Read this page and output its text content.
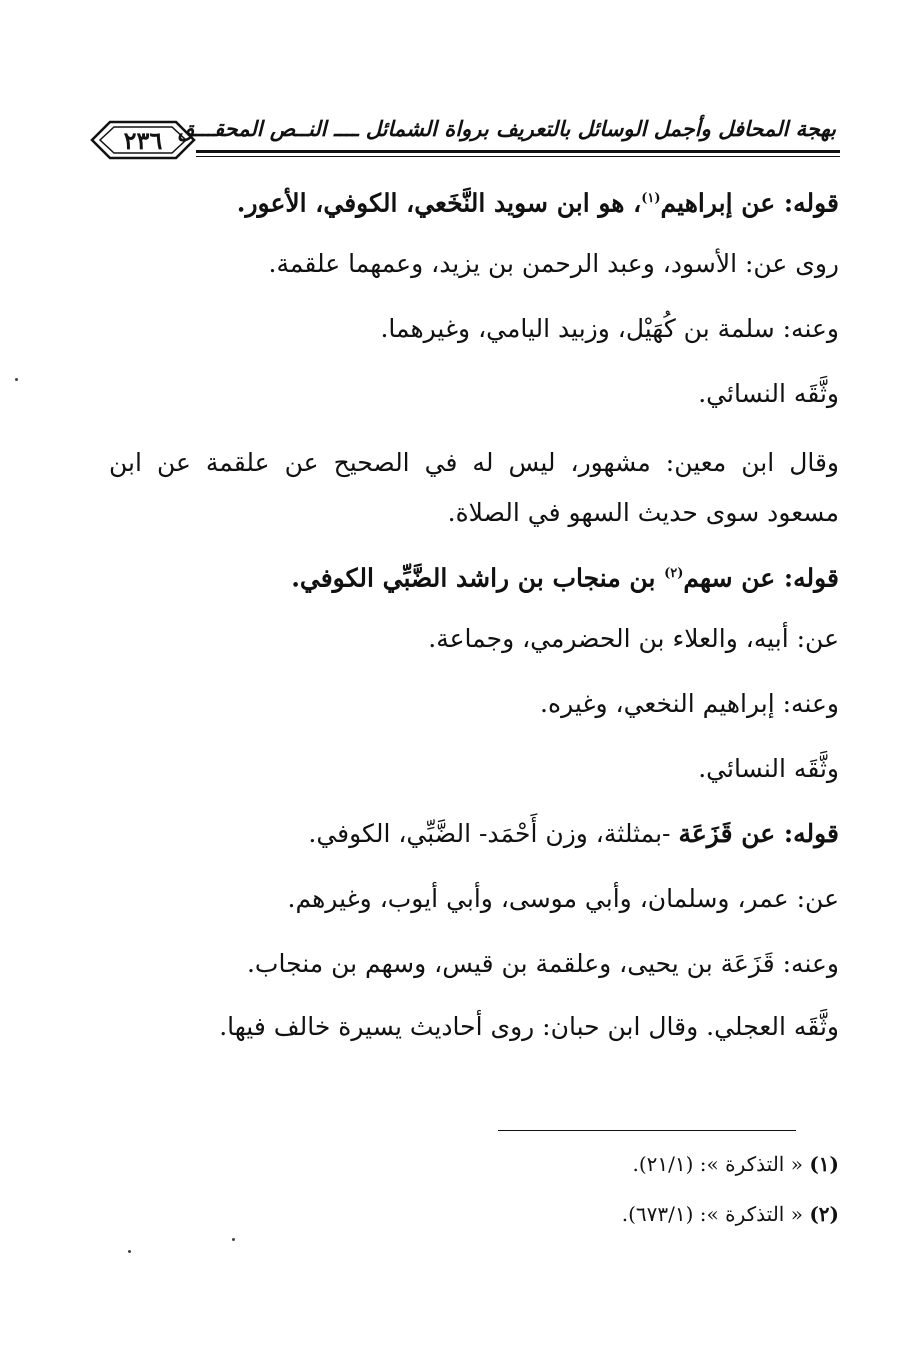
بهجة المحافل وأجمل الوسائل بالتعريف برواة الشمائل ــــ النــص المحقـــق
٢٣٦
قوله: عن إبراهيم$^{(١)}$، هو ابن سويد النَّخَعي، الكوفي، الأعور.
روى عن: الأسود، وعبد الرحمن بن يزيد، وعمهما علقمة.
وعنه: سلمة بن كُهَيْل، وزبيد اليامي، وغيرهما.
وثَّقَه النسائي.
وقال ابن معين: مشهور، ليس له في الصحيح عن علقمة عن ابن مسعود سوى حديث السهو في الصلاة.
قوله: عن سهم$^{(٢)}$ بن منجاب بن راشد الضَّبِّي الكوفي.
عن: أبيه، والعلاء بن الحضرمي، وجماعة.
وعنه: إبراهيم النخعي، وغيره.
وثَّقَه النسائي.
قوله: عن قَزَعَة -بمثلثة، وزن أَحْمَد- الضَّبِّي، الكوفي.
عن: عمر، وسلمان، وأبي موسى، وأبي أيوب، وغيرهم.
وعنه: قَزَعَة بن يحيى، وعلقمة بن قيس، وسهم بن منجاب.
وثَّقَه العجلي. وقال ابن حبان: روى أحاديث يسيرة خالف فيها.
(١) « التذكرة »: (٢١/١).
(٢) « التذكرة »: (٦٧٣/١).
